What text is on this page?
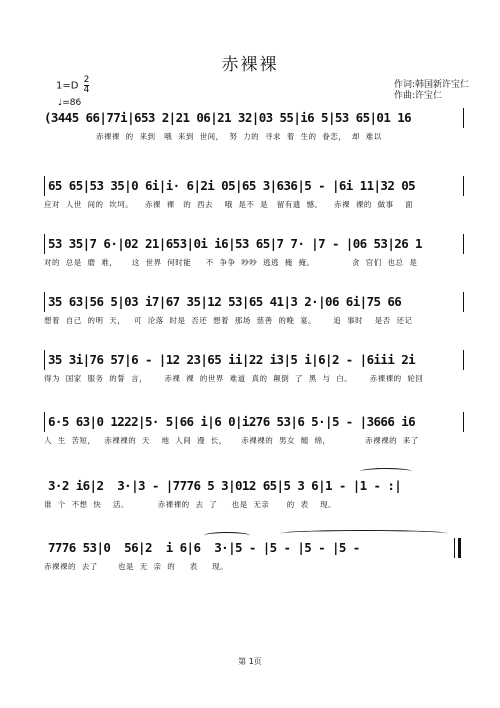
赤裸裸
$1=D \frac{2}{4}$
♩=86
作词:韩国新许宝仁
作曲:许宝仁
(3445 66|77i|653 2|21 06|21 32|03 55|i6 5|53 65|01 16
赤裸裸  的  来到   哦  来到  世间，  努  力的  寻求  着  生的  眷恋，  却  难以
65 65|53 35|0 6i|i· 6|2i 05|65 3|636|5 - |6i 11|32 05
应对  人世  间的  坎坷。    赤裸  裸   的  西去    哦  是不  是   留有遗  憾。    赤裸  裸的  做事    面
53 35|7 6·|02 21|653|0i i6|53 65|7 7· |7 - |06 53|26 1
对的  总是  磨  难，     这  世界  何时能     不  争争  吵吵  逃逃  掩  掩。             贪  官们  也总  是
35 63|56 5|03 i7|67 35|12 53|65 41|3 2·|06 6i|75 66
想着  自己  的明  天，   可  沦落  时是  否还  想着  那场  慈善  的晚  宴。      追  事时    是否  还记
35 3i|76 57|6 - |12 23|65 ii|22 i3|5 i|6|2 - |6iii 2i
得为  国家  服务  的誓  言，      赤裸  裸  的世界  难道  真的  颠倒  了  黑  与  白。      赤裸裸的  轮回
6·5 63|0 1222|5· 5|66 i|6 0|i276 53|6 5·|5 - |3666 i6
人  生  苦短，   赤裸裸的  天    地  人间  漫  长，     赤裸裸的  男女  缠  绵，            赤裸裸的  来了
3·2 i6|2  3·|3 - |7776 5 3|012 65|5 3 6|1 - |1 - :|
谁  个  不想  快    活。          赤裸裸的  去  了     也是  无亲      的  表    现。
7776 53|0  56|2  i 6|6  3·|5 - |5 - |5 - |5 -
赤裸裸的  去了       也是  无  亲  的     表     现。
第 1页
